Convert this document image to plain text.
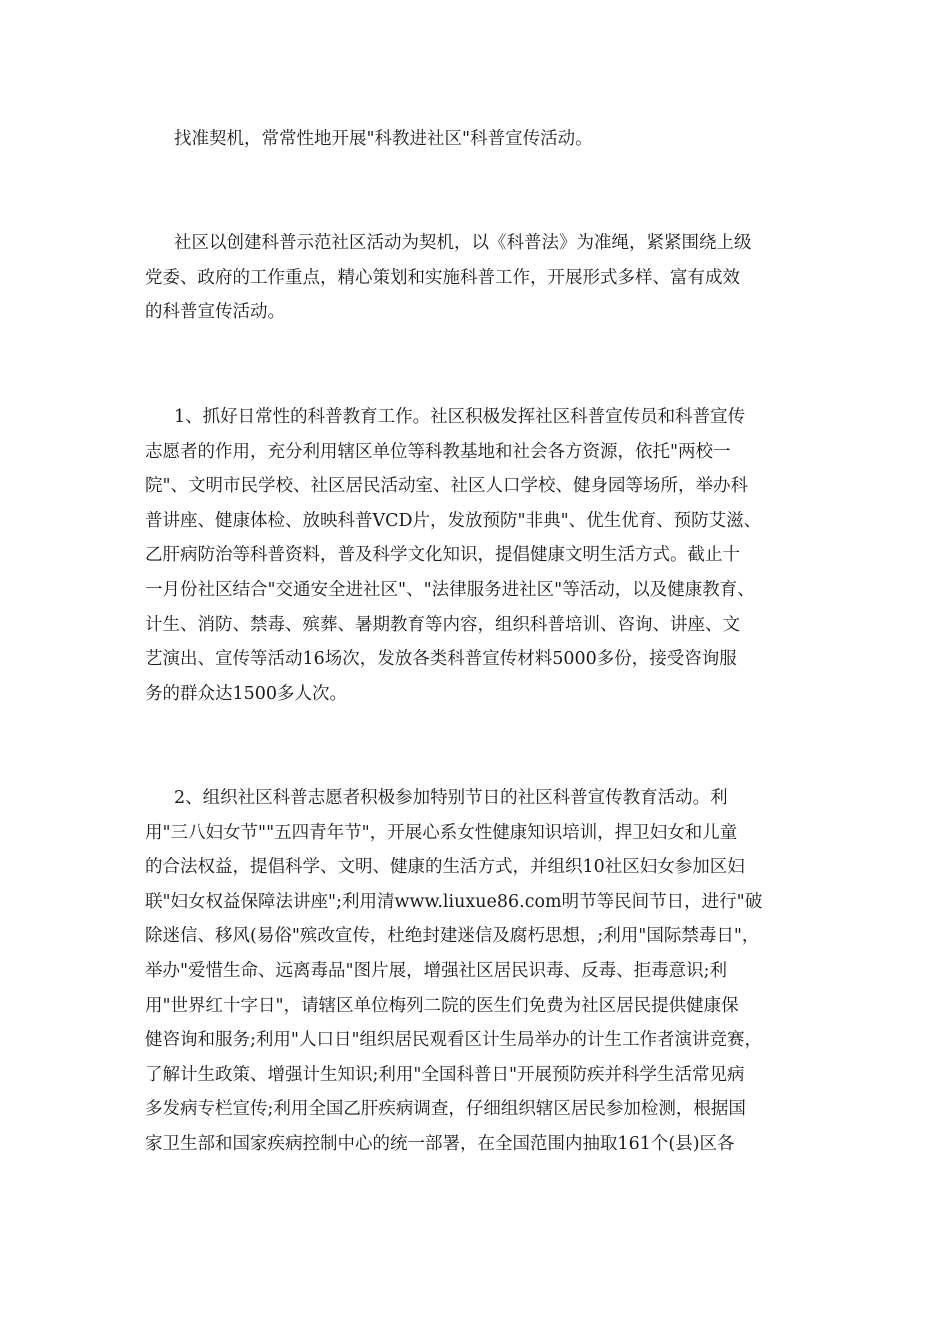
找准契机，常常性地开展"科教进社区"科普宣传活动。
社区以创建科普示范社区活动为契机，以《科普法》为准绳，紧紧围绕上级
党委、政府的工作重点，精心策划和实施科普工作，开展形式多样、富有成效
的科普宣传活动。
1、抓好日常性的科普教育工作。社区积极发挥社区科普宣传员和科普宣传
志愿者的作用，充分利用辖区单位等科教基地和社会各方资源，依托"两校一
院"、文明市民学校、社区居民活动室、社区人口学校、健身园等场所，举办科
普讲座、健康体检、放映科普VCD片，发放预防"非典"、优生优育、预防艾滋、
乙肝病防治等科普资料，普及科学文化知识，提倡健康文明生活方式。截止十
一月份社区结合"交通安全进社区"、"法律服务进社区"等活动，以及健康教育、
计生、消防、禁毒、殡葬、暑期教育等内容，组织科普培训、咨询、讲座、文
艺演出、宣传等活动16场次，发放各类科普宣传材料5000多份，接受咨询服
务的群众达1500多人次。
2、组织社区科普志愿者积极参加特别节日的社区科普宣传教育活动。利
用"三八妇女节""五四青年节"，开展心系女性健康知识培训，捍卫妇女和儿童
的合法权益，提倡科学、文明、健康的生活方式，并组织10社区妇女参加区妇
联"妇女权益保障法讲座";利用清www.liuxue86.com明节等民间节日，进行"破
除迷信、移风(易俗"殡改宣传，杜绝封建迷信及腐朽思想，;利用"国际禁毒日"，
举办"爱惜生命、远离毒品"图片展，增强社区居民识毒、反毒、拒毒意识;利
用"世界红十字日"，请辖区单位梅列二院的医生们免费为社区居民提供健康保
健咨询和服务;利用"人口日"组织居民观看区计生局举办的计生工作者演讲竞赛，
了解计生政策、增强计生知识;利用"全国科普日"开展预防疾并科学生活常见病
多发病专栏宣传;利用全国乙肝疾病调查，仔细组织辖区居民参加检测，根据国
家卫生部和国家疾病控制中心的统一部署，在全国范围内抽取161个(县)区各
